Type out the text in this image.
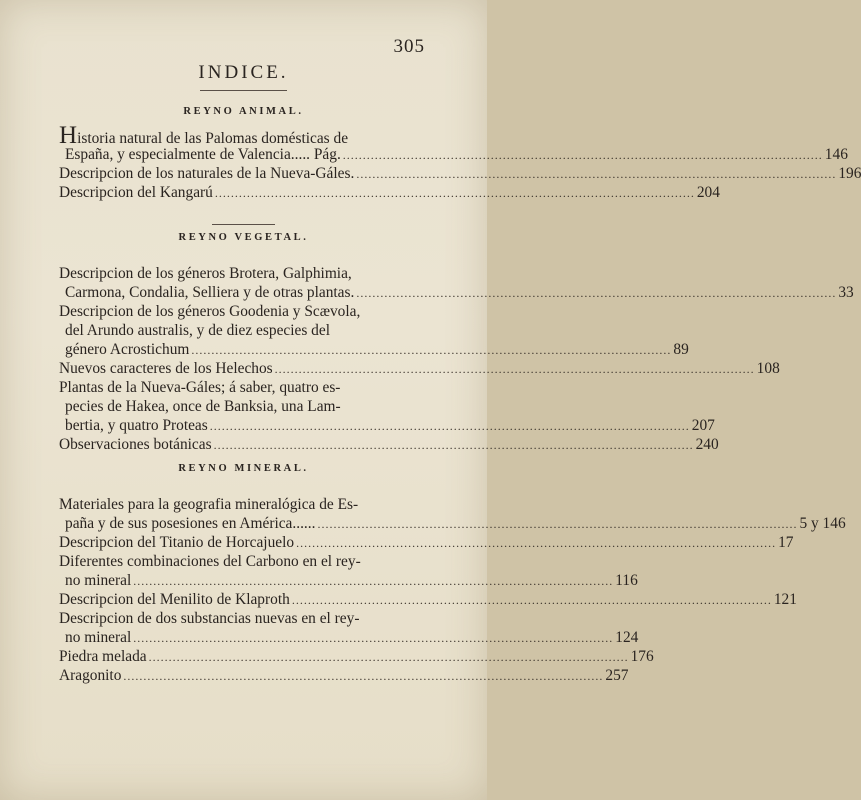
305
INDICE.
REYNO ANIMAL.
H istoria natural de las Palomas domésticas de
España, y especialmente de Valencia..... Pág. ........................................................................................................................ 146
Descripcion de los naturales de la Nueva-Gáles. ........................................................................................................................ 196
Descripcion del Kangarú ........................................................................................................................ 204
REYNO VEGETAL.
Descripcion de los géneros Brotera, Galphimia,
Carmona, Condalia, Selliera y de otras plantas. ........................................................................................................................ 33
Descripcion de los géneros Goodenia y Scævola,
del Arundo australis, y de diez especies del
género Acrostichum ........................................................................................................................ 89
Nuevos caracteres de los Helechos ........................................................................................................................ 108
Plantas de la Nueva-Gáles; á saber, quatro es-
pecies de Hakea, once de Banksia, una Lam-
bertia, y quatro Proteas ........................................................................................................................ 207
Observaciones botánicas ........................................................................................................................ 240
REYNO MINERAL.
Materiales para la geografia mineralógica de Es-
paña y de sus posesiones en América...... ........................................................................................................................ 5 y 146
Descripcion del Titanio de Horcajuelo ........................................................................................................................ 17
Diferentes combinaciones del Carbono en el rey-
no mineral ........................................................................................................................ 116
Descripcion del Menilito de Klaproth ........................................................................................................................ 121
Descripcion de dos substancias nuevas en el rey-
no mineral ........................................................................................................................ 124
Piedra melada ........................................................................................................................ 176
Aragonito ........................................................................................................................ 257
